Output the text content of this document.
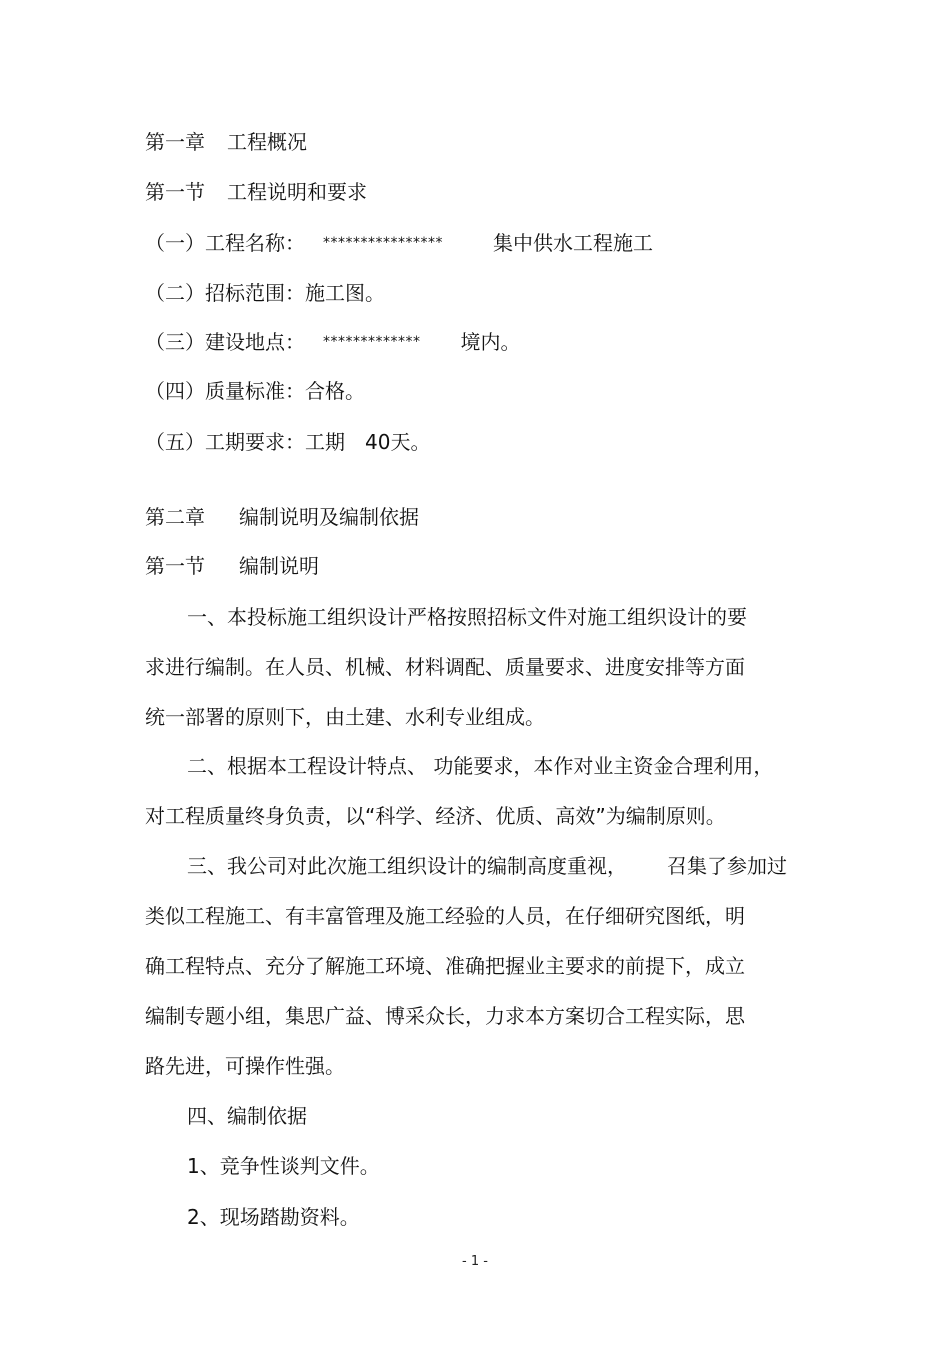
第一章 工程概况
第一节 工程说明和要求
（一）工程名称： ****************	集中供水工程施工
（二）招标范围：施工图。
（三）建设地点： ************* 境内。
（四）质量标准：合格。
（五）工期要求：工期 40天。
第二章 编制说明及编制依据
第一节 编制说明
一、本投标施工组织设计严格按照招标文件对施工组织设计的要
求进行编制。在人员、机械、材料调配、质量要求、进度安排等方面
统一部署的原则下，由土建、水利专业组成。
二、根据本工程设计特点、 功能要求，本作对业主资金合理利用，
对工程质量终身负责，以“科学、经济、优质、高效”为编制原则。
三、我公司对此次施工组织设计的编制高度重视， 召集了参加过
类似工程施工、有丰富管理及施工经验的人员，在仔细研究图纸，明
确工程特点、充分了解施工环境、准确把握业主要求的前提下，成立
编制专题小组，集思广益、博采众长，力求本方案切合工程实际，思
路先进，可操作性强。
四、编制依据
1、竞争性谈判文件。
2、现场踏勘资料。
- 1 -
